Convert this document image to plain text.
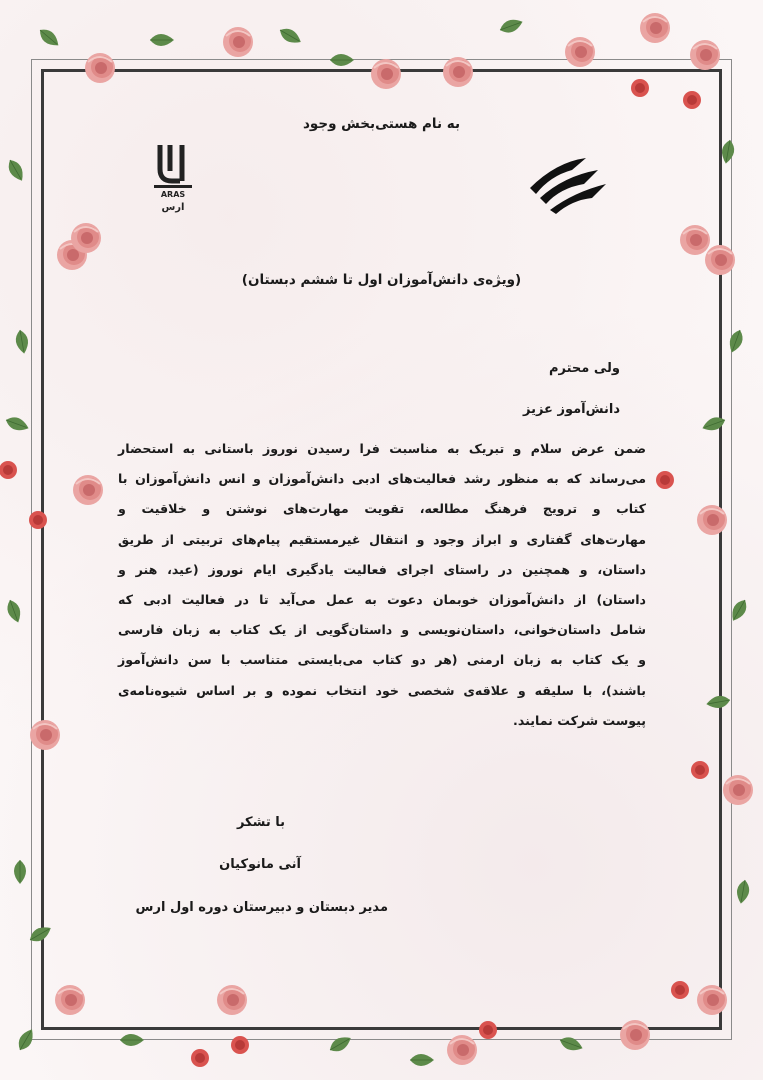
ARAS
ارس
به نام هستی‌بخش وجود
(ویژه‌ی دانش‌آموزان اول تا ششم دبستان)
ولی محترم
دانش‌آموز عزیز
ضمن عرض سلام و تبریک به مناسبت فرا رسیدن نوروز باستانی به استحضار
می‌رساند که به منظور رشد فعالیت‌های ادبی دانش‌آموزان و انس دانش‌آموزان با
کتاب و ترویج فرهنگ مطالعه، تقویت مهارت‌های نوشتن و خلاقیت و
مهارت‌های گفتاری و ابراز وجود و انتقال غیرمستقیم پیام‌های تربیتی از طریق
داستان، و همچنین در راستای اجرای فعالیت یادگیری ایام نوروز (عید، هنر و
داستان) از دانش‌آموزان خوبمان دعوت به عمل می‌آید تا در فعالیت ادبی که
شامل داستان‌خوانی، داستان‌نویسی و داستان‌گویی از یک کتاب به زبان فارسی
و یک کتاب به زبان ارمنی (هر دو کتاب می‌بایستی متناسب با سن دانش‌آموز
باشند)، با سلیقه و علاقه‌ی شخصی خود انتخاب نموده و بر اساس شیوه‌نامه‌ی
پیوست شرکت نمایند.
با تشکر
آنی مانوکیان
مدیر دبستان و دبیرستان دوره اول ارس
